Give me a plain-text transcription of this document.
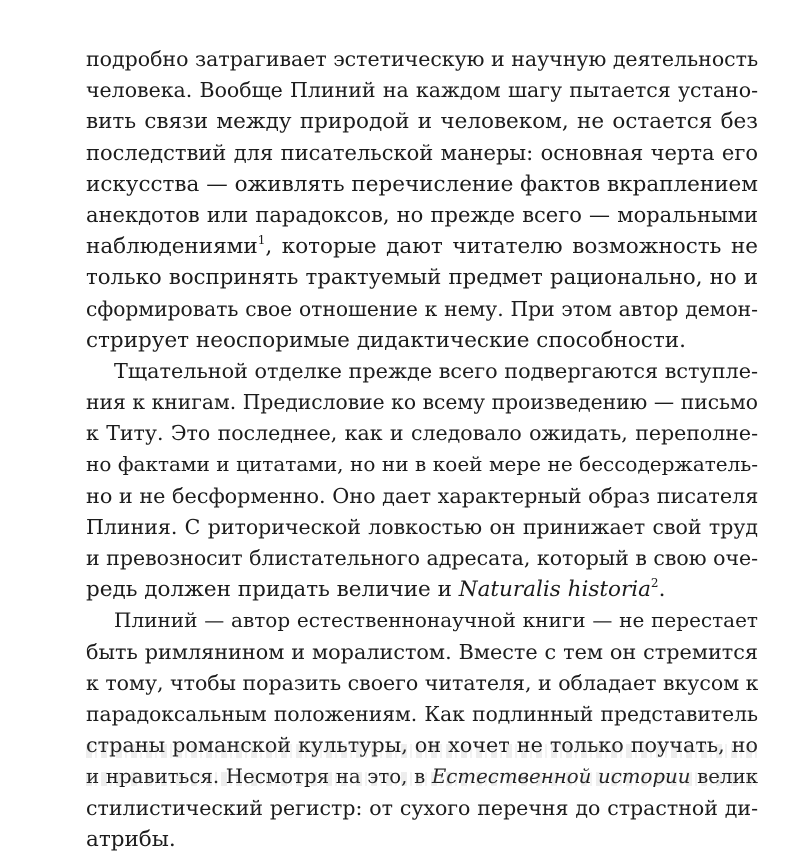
подробно затрагивает эстетическую и научную деятельность
человека. Вообще Плиний на каждом шагу пытается устано-
вить связи между природой и человеком, не остается без
последствий для писательской манеры: основная черта его
искусства — оживлять перечисление фактов вкраплением
анекдотов или парадоксов, но прежде всего — моральными
наблюдениями$^1$, которые дают читателю возможность не
только воспринять трактуемый предмет рационально, но и
сформировать свое отношение к нему. При этом автор демон-
стрирует неоспоримые дидактические способности.
Тщательной отделке прежде всего подвергаются вступле-
ния к книгам. Предисловие ко всему произведению — письмо
к Титу. Это последнее, как и следовало ожидать, переполне-
но фактами и цитатами, но ни в коей мере не бессодержатель-
но и не бесформенно. Оно дает характерный образ писателя
Плиния. С риторической ловкостью он принижает свой труд
и превозносит блистательного адресата, который в свою оче-
редь должен придать величие и Naturalis historia$^2$.
Плиний — автор естественнонаучной книги — не перестает
быть римлянином и моралистом. Вместе с тем он стремится
к тому, чтобы поразить своего читателя, и обладает вкусом к
парадоксальным положениям. Как подлинный представитель
страны романской культуры, он хочет не только поучать, но
и нравиться. Несмотря на это, в Естественной истории велик
стилистический регистр: от сухого перечня до страстной ди-
атрибы.
